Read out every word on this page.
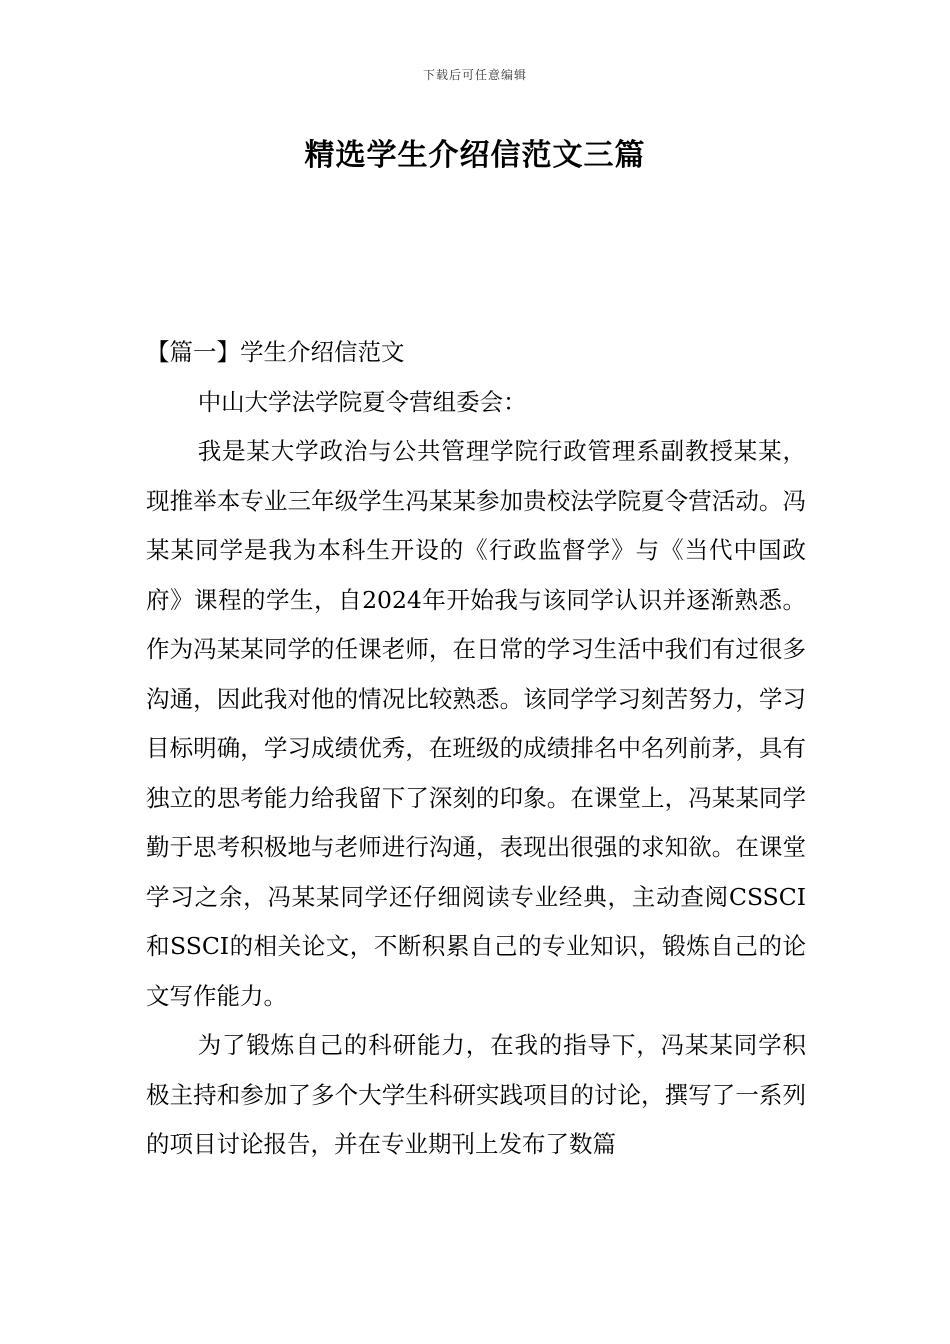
下载后可任意编辑
精选学生介绍信范文三篇

【篇一】学生介绍信范文

中山大学法学院夏令营组委会：

我是某大学政治与公共管理学院行政管理系副教授某某，现推举本专业三年级学生冯某某参加贵校法学院夏令营活动。冯某某同学是我为本科生开设的《行政监督学》与《当代中国政府》课程的学生，自2024年开始我与该同学认识并逐渐熟悉。作为冯某某同学的任课老师，在日常的学习生活中我们有过很多沟通，因此我对他的情况比较熟悉。该同学学习刻苦努力，学习目标明确，学习成绩优秀，在班级的成绩排名中名列前茅，具有独立的思考能力给我留下了深刻的印象。在课堂上，冯某某同学勤于思考积极地与老师进行沟通，表现出很强的求知欲。在课堂学习之余，冯某某同学还仔细阅读专业经典，主动查阅CSSCI和SSCI的相关论文，不断积累自己的专业知识，锻炼自己的论文写作能力。

为了锻炼自己的科研能力，在我的指导下，冯某某同学积极主持和参加了多个大学生科研实践项目的讨论，撰写了一系列的项目讨论报告，并在专业期刊上发布了数篇
